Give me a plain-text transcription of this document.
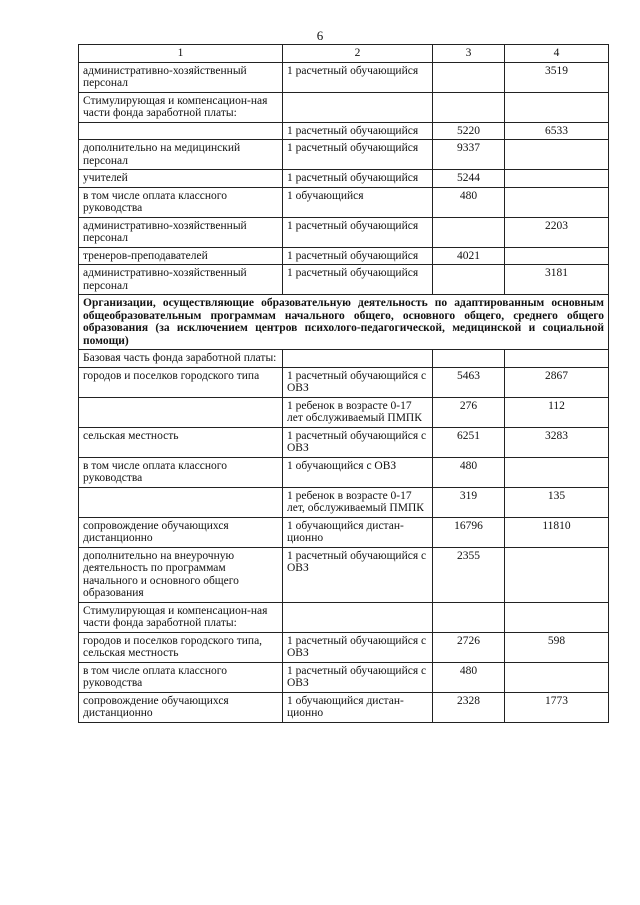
6
1	2	3	4
административно-хозяйственный персонал	1 расчетный обучающийся		3519
Стимулирующая и компенсацион-ная части фонда заработной платы:			
	1 расчетный обучающийся	5220	6533
дополнительно на медицинский персонал	1 расчетный обучающийся	9337	
учителей	1 расчетный обучающийся	5244	
в том числе оплата классного руководства	1 обучающийся	480	
административно-хозяйственный персонал	1 расчетный обучающийся		2203
тренеров-преподавателей	1 расчетный обучающийся	4021	
административно-хозяйственный персонал	1 расчетный обучающийся		3181
Организации, осуществляющие образовательную деятельность по адаптированным основным общеобразовательным программам начального общего, основного общего, среднего общего образования (за исключением центров психолого-педагогической, медицинской и социальной помощи)			
Базовая часть фонда заработной платы:			
городов и поселков городского типа	1 расчетный обучающийся с ОВЗ	5463	2867
	1 ребенок в возрасте 0-17 лет обслуживаемый ПМПК	276	112
сельская местность	1 расчетный обучающийся с ОВЗ	6251	3283
в том числе оплата классного руководства	1 обучающийся с ОВЗ	480	
	1 ребенок в возрасте 0-17 лет, обслуживаемый ПМПК	319	135
сопровождение обучающихся дистанционно	1 обучающийся дистан-ционно	16796	11810
дополнительно на внеурочную деятельность по программам начального и основного общего образования	1 расчетный обучающийся с ОВЗ	2355	
Стимулирующая и компенсацион-ная части фонда заработной платы:			
городов и поселков городского типа, сельская местность	1 расчетный обучающийся с ОВЗ	2726	598
в том числе оплата классного руководства	1 расчетный обучающийся с ОВЗ	480	
сопровождение обучающихся дистанционно	1 обучающийся дистан-ционно	2328	1773
